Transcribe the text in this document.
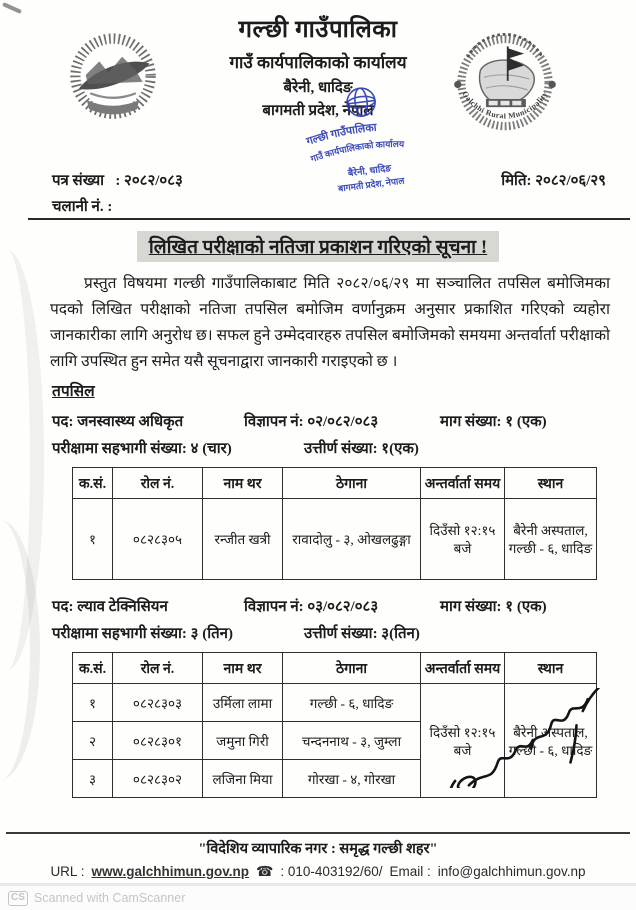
गल्छी गाउँपालिका
गाउँ कार्यपालिकाको कार्यालय
बैरेनी, धादिङ
बागमती प्रदेश, नेपाल
Galchhi Rural Municipality
गल्छी गाउँपालिका
गाउँ कार्यपालिकाको कार्यालय
बैरेनी, धादिङ
बागमती प्रदेश, नेपाल
पत्र संख्या : २०८२/०८३	मिति: २०८२/०६/२९
चलानी नं. :
लिखित परीक्षाको नतिजा प्रकाशन गरिएको सूचना !

प्रस्तुत विषयमा गल्छी गाउँपालिकाबाट मिति २०८२/०६/२९ मा सञ्चालित तपसिल बमोजिमका पदको लिखित परीक्षाको नतिजा तपसिल बमोजिम वर्णानुक्रम अनुसार प्रकाशित गरिएको व्यहोरा जानकारीका लागि अनुरोध छ। सफल हुने उम्मेदवारहरु तपसिल बमोजिमको समयमा अन्तर्वार्ता परीक्षाको लागि उपस्थित हुन समेत यसै सूचनाद्वारा जानकारी गराइएको छ ।

तपसिल
पद: जनस्वास्थ्य अधिकृत	विज्ञापन नं: ०२/०८२/०८३	माग संख्या: १ (एक)
परीक्षामा सहभागी संख्या: ४ (चार)	उत्तीर्ण संख्या: १(एक)
क.सं.	रोल नं.	नाम थर	ठेगाना	अन्तर्वार्ता समय	स्थान
१	०८२८३०५	रन्जीत खत्री	रावादोलु - ३, ओखलढुङ्गा	दिउँसो १२:१५ बजे	बैरेनी अस्पताल, गल्छी - ६, धादिङ
पद: ल्याव टेक्निसियन	विज्ञापन नं: ०३/०८२/०८३	माग संख्या: १ (एक)
परीक्षामा सहभागी संख्या: ३ (तिन)	उत्तीर्ण संख्या: ३(तिन)
क.सं.	रोल नं.	नाम थर	ठेगाना	अन्तर्वार्ता समय	स्थान
१	०८२८३०३	उर्मिला लामा	गल्छी - ६, धादिङ	दिउँसो १२:१५ बजे	बैरेनी अस्पताल, गल्छी - ६, धादिङ
२	०८२८३०१	जमुना गिरी	चन्दननाथ - ३, जुम्ला		
३	०८२८३०२	लजिना मिया	गोरखा - ४, गोरखा		
"विदेशिय व्यापारिक नगर : समृद्ध गल्छी शहर"
URL : www.galchhimun.gov.np ☎ : 010-403192/60/ Email : info@galchhimun.gov.np
CS Scanned with CamScanner
